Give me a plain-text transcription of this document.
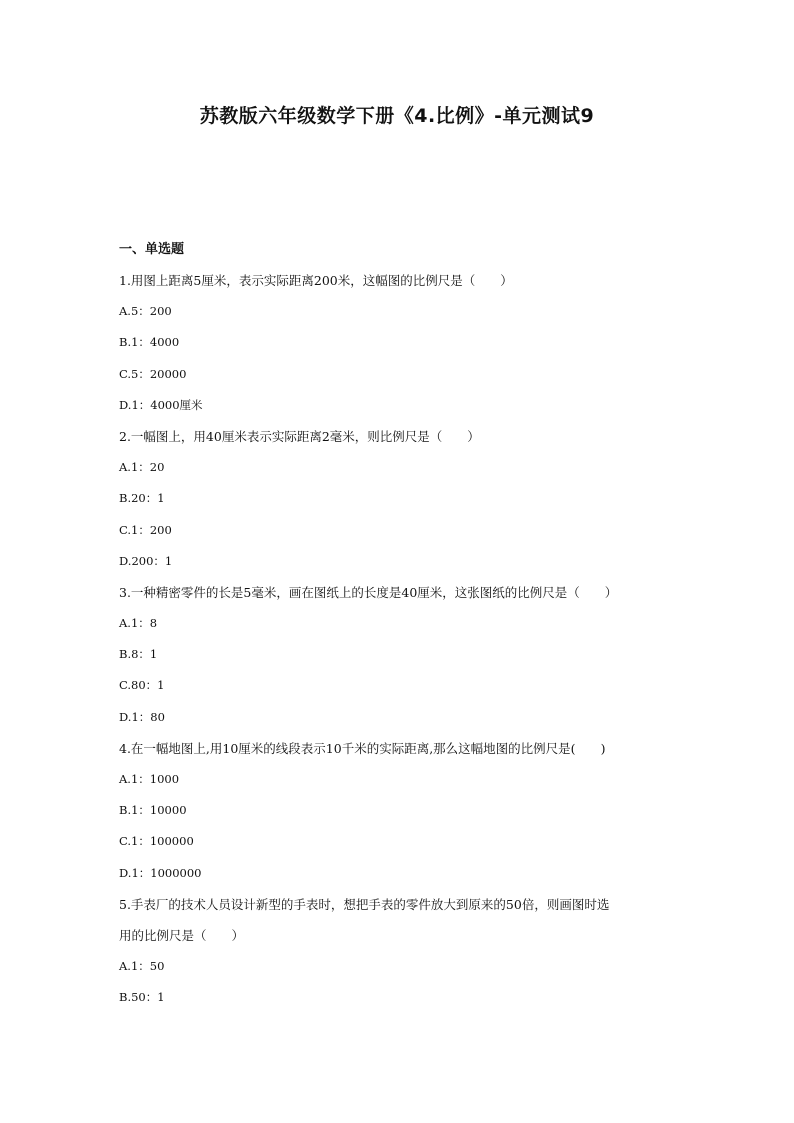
苏教版六年级数学下册《4.比例》-单元测试9
一、单选题
1.用图上距离5厘米，表示实际距离200米，这幅图的比例尺是（　　）
A.5：200
B.1：4000
C.5：20000
D.1：4000厘米
2.一幅图上，用40厘米表示实际距离2毫米，则比例尺是（　　）
A.1：20
B.20：1
C.1：200
D.200：1
3.一种精密零件的长是5毫米，画在图纸上的长度是40厘米，这张图纸的比例尺是（　　）
A.1：8
B.8：1
C.80：1
D.1：80
4.在一幅地图上,用10厘米的线段表示10千米的实际距离,那么这幅地图的比例尺是(　　)
A.1：1000
B.1：10000
C.1：100000
D.1：1000000
5.手表厂的技术人员设计新型的手表时，想把手表的零件放大到原来的50倍，则画图时选
用的比例尺是（　　）
A.1：50
B.50：1
